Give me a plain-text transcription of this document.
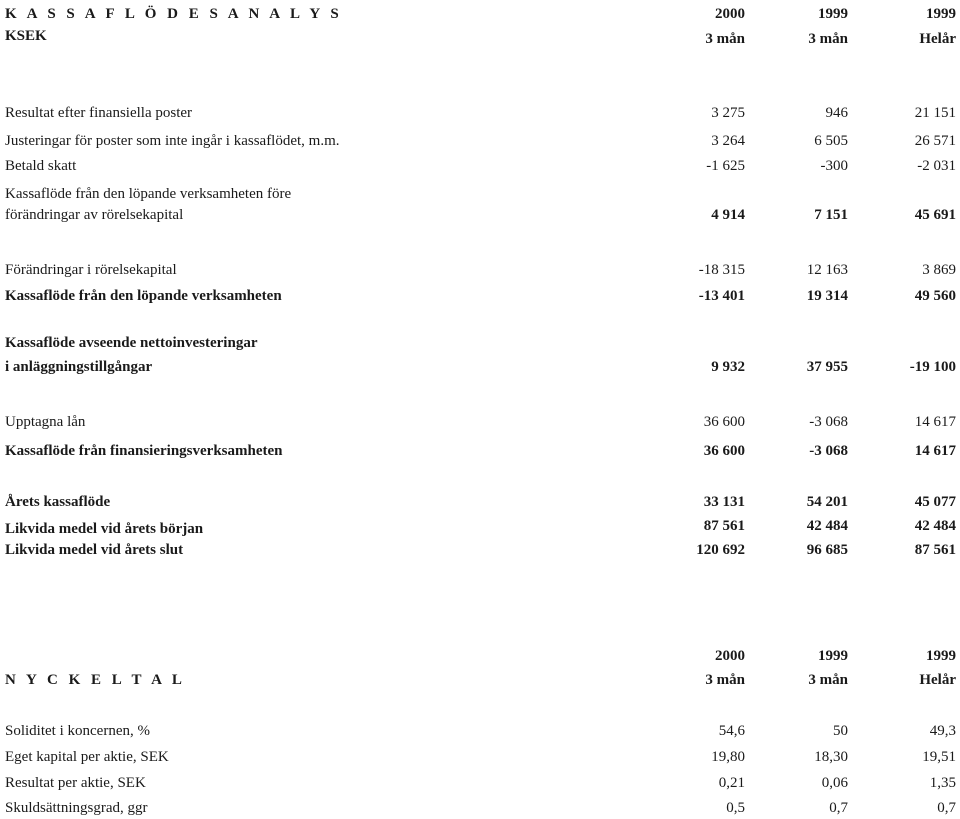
K A S S A F L Ö D E S A N A L Y S	2000	1999	1999
KSEK	3 mån	3 mån	Helår
Resultat efter finansiella poster	3 275	946	21 151
Justeringar för poster som inte ingår i kassaflödet, m.m.	3 264	6 505	26 571
Betald skatt	-1 625	-300	-2 031
Kassaflöde från den löpande verksamheten före
förändringar av rörelsekapital	4 914	7 151	45 691
Förändringar i rörelsekapital	-18 315	12 163	3 869
Kassaflöde från den löpande verksamheten	-13 401	19 314	49 560
Kassaflöde avseende nettoinvesteringar
i anläggningstillgångar	9 932	37 955	-19 100
Upptagna lån	36 600	-3 068	14 617
Kassaflöde från finansieringsverksamheten	36 600	-3 068	14 617
Årets kassaflöde	33 131	54 201	45 077
Likvida medel vid årets början	87 561	42 484	42 484
Likvida medel vid årets slut	120 692	96 685	87 561
2000	1999	1999
N Y C K E L T A L	3 mån	3 mån	Helår
Soliditet i koncernen, %	54,6	50	49,3
Eget kapital per aktie, SEK	19,80	18,30	19,51
Resultat per aktie, SEK	0,21	0,06	1,35
Skuldsättningsgrad, ggr	0,5	0,7	0,7
